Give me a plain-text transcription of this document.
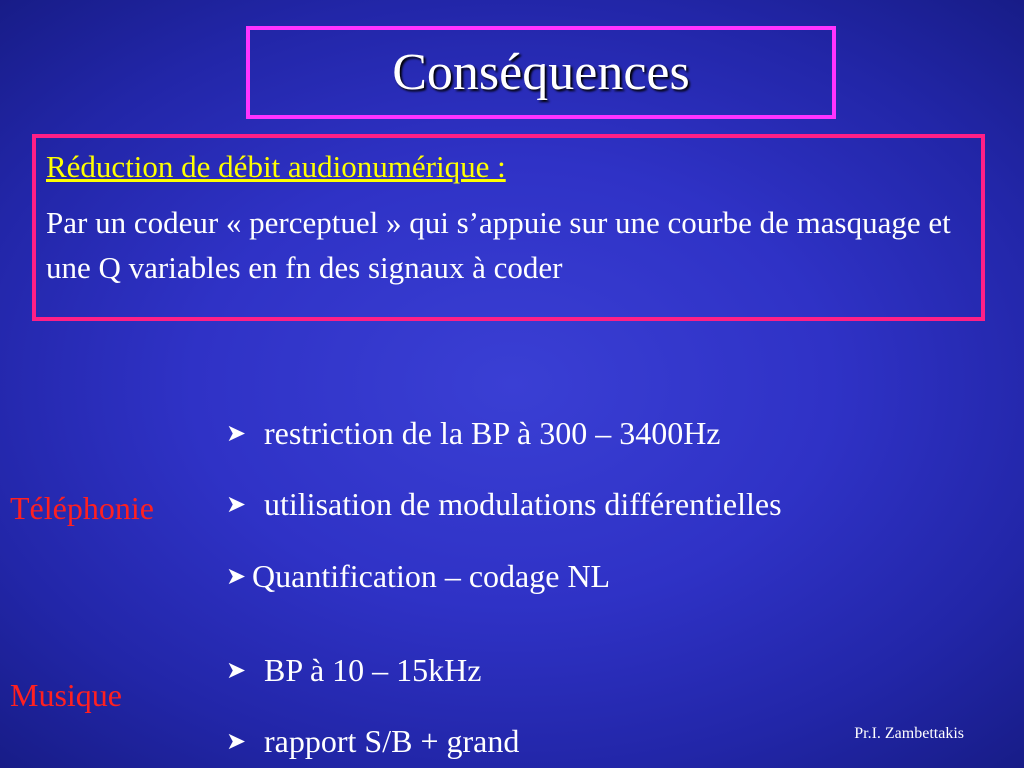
Conséquences
Réduction de débit audionumérique :
Par un codeur « perceptuel » qui s’appuie sur une courbe de masquage et une Q variables en fn des signaux à coder
Téléphonie
Musique
➤ restriction de la BP à 300 – 3400Hz
➤ utilisation de modulations différentielles
➤ Quantification – codage NL
➤ BP à 10 – 15kHz
➤ rapport S/B + grand	Pr.I. Zambettakis
